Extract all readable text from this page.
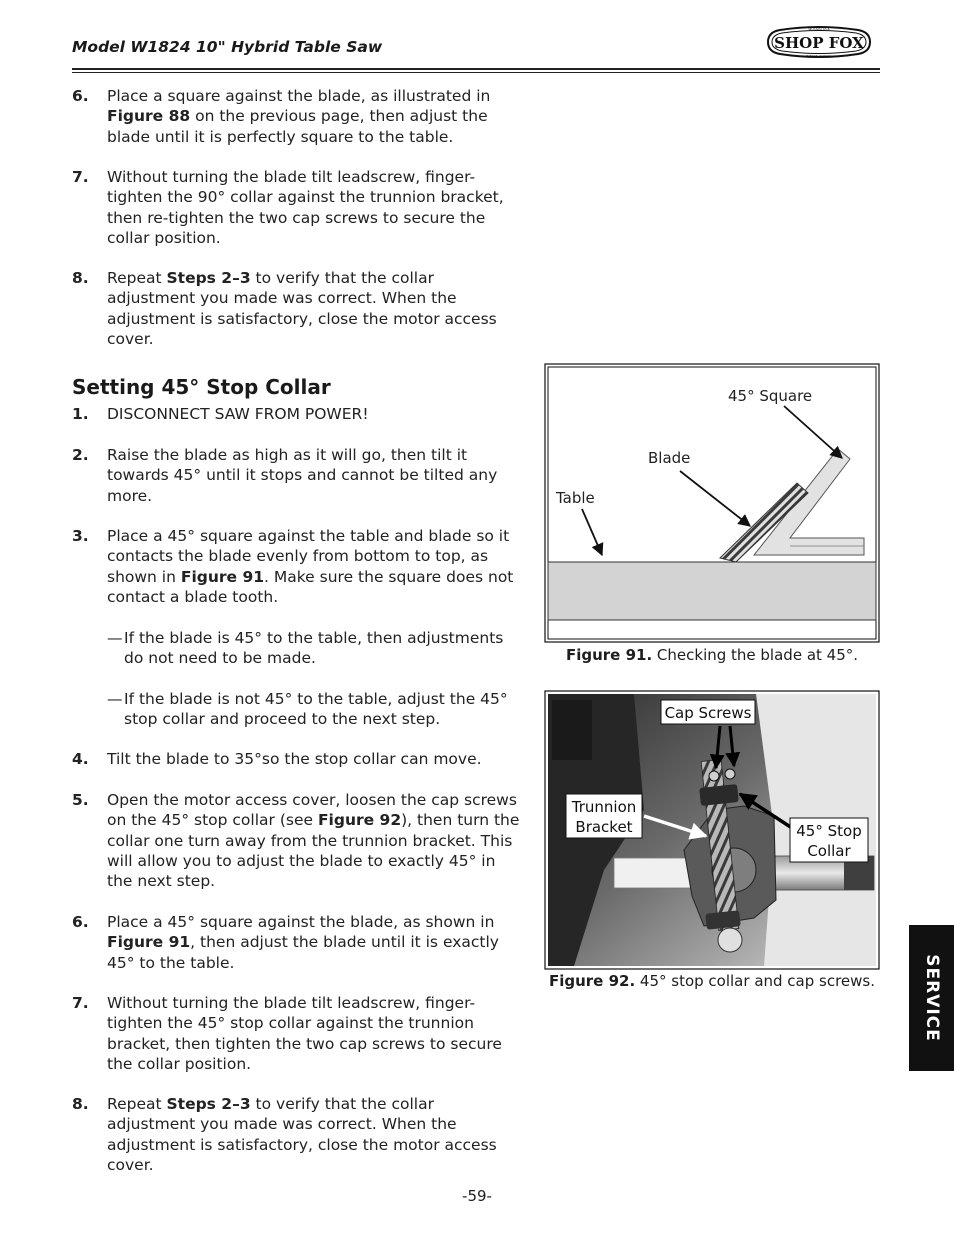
Model W1824 10" Hybrid Table Saw	SHOP FOX
WOODSTOCK
INTERNATIONAL
6. Place a square against the blade, as illustrated in Figure 88 on the previous page, then adjust the blade until it is perfectly square to the table.
7. Without turning the blade tilt leadscrew, finger-tighten the 90° collar against the trunnion bracket, then re-tighten the two cap screws to secure the collar position.
8. Repeat Steps 2–3 to verify that the collar adjustment you made was correct. When the adjustment is satisfactory, close the motor access cover.
1. DISCONNECT SAW FROM POWER!
2. Raise the blade as high as it will go, then tilt it towards 45° until it stops and cannot be tilted any more.
3. Place a 45° square against the table and blade so it contacts the blade evenly from bottom to top, as shown in Figure 91. Make sure the square does not contact a blade tooth.
— If the blade is 45° to the table, then adjustments do not need to be made.
— If the blade is not 45° to the table, adjust the 45° stop collar and proceed to the next step.
4. Tilt the blade to 35°so the stop collar can move.
5. Open the motor access cover, loosen the cap screws on the 45° stop collar (see Figure 92), then turn the collar one turn away from the trunnion bracket. This will allow you to adjust the blade to exactly 45° in the next step.
6. Place a 45° square against the blade, as shown in Figure 91, then adjust the blade until it is exactly 45° to the table.
7. Without turning the blade tilt leadscrew, finger-tighten the 45° stop collar against the trunnion bracket, then tighten the two cap screws to secure the collar position.
8. Repeat Steps 2–3 to verify that the collar adjustment you made was correct. When the adjustment is satisfactory, close the motor access cover.
Setting 45° Stop Collar	45° Square
Blade
Table
Figure 91. Checking the blade at 45°.
Cap Screws
Trunnion
Bracket	45° Stop
Collar
Figure 92. 45° stop collar and cap screws.	SERVICE
-59-
